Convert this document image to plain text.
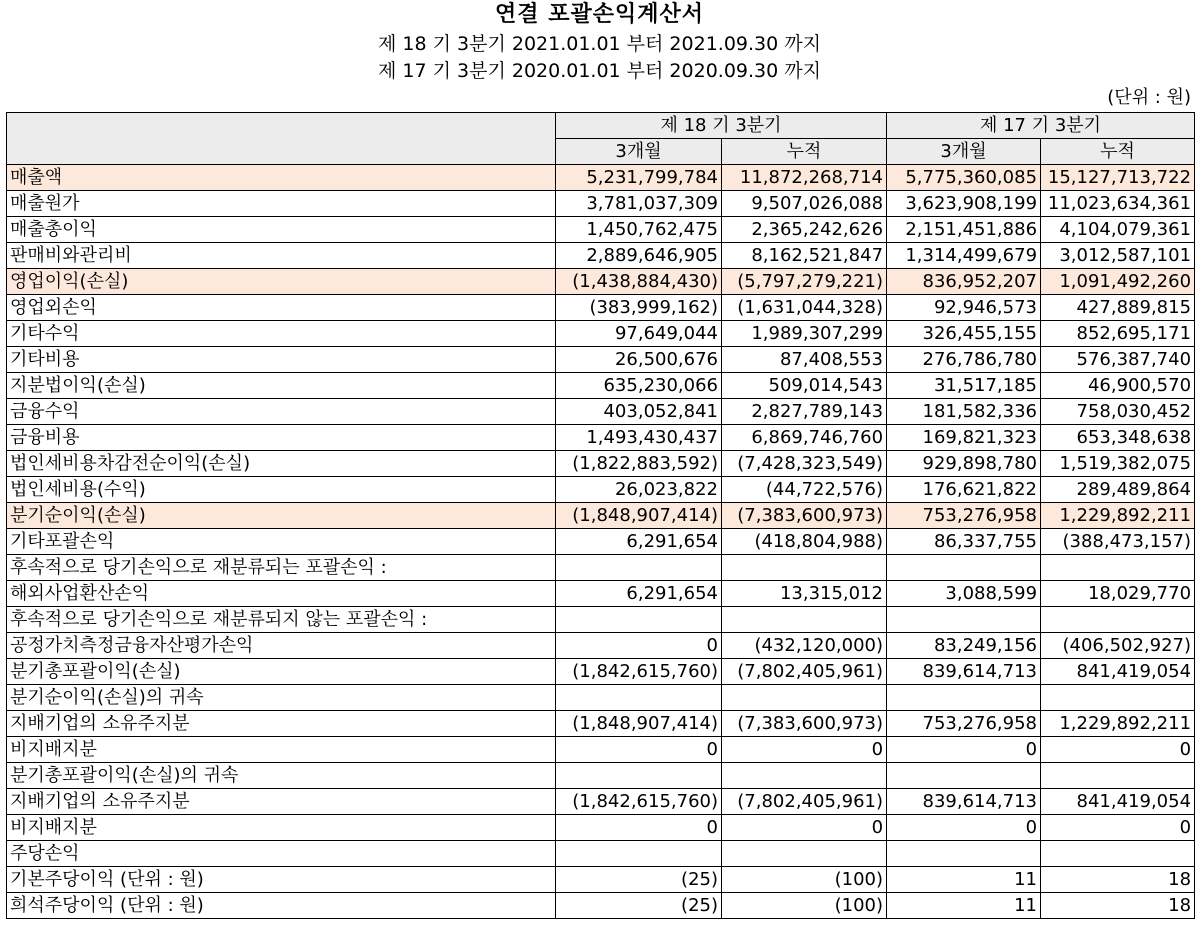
연결 포괄손익계산서
제 18 기 3분기 2021.01.01 부터 2021.09.30 까지
제 17 기 3분기 2020.01.01 부터 2020.09.30 까지
(단위 : 원)
	제 18 기 3분기		제 17 기 3분기	
	3개월	누적	3개월	누적
매출액	5,231,799,784	11,872,268,714	5,775,360,085	15,127,713,722
매출원가	3,781,037,309	9,507,026,088	3,623,908,199	11,023,634,361
매출총이익	1,450,762,475	2,365,242,626	2,151,451,886	4,104,079,361
판매비와관리비	2,889,646,905	8,162,521,847	1,314,499,679	3,012,587,101
영업이익(손실)	(1,438,884,430)	(5,797,279,221)	836,952,207	1,091,492,260
영업외손익	(383,999,162)	(1,631,044,328)	92,946,573	427,889,815
기타수익	97,649,044	1,989,307,299	326,455,155	852,695,171
기타비용	26,500,676	87,408,553	276,786,780	576,387,740
지분법이익(손실)	635,230,066	509,014,543	31,517,185	46,900,570
금융수익	403,052,841	2,827,789,143	181,582,336	758,030,452
금융비용	1,493,430,437	6,869,746,760	169,821,323	653,348,638
법인세비용차감전순이익(손실)	(1,822,883,592)	(7,428,323,549)	929,898,780	1,519,382,075
법인세비용(수익)	26,023,822	(44,722,576)	176,621,822	289,489,864
분기순이익(손실)	(1,848,907,414)	(7,383,600,973)	753,276,958	1,229,892,211
기타포괄손익	6,291,654	(418,804,988)	86,337,755	(388,473,157)
후속적으로 당기손익으로 재분류되는 포괄손익 :				
해외사업환산손익	6,291,654	13,315,012	3,088,599	18,029,770
후속적으로 당기손익으로 재분류되지 않는 포괄손익 :				
공정가치측정금융자산평가손익	0	(432,120,000)	83,249,156	(406,502,927)
분기총포괄이익(손실)	(1,842,615,760)	(7,802,405,961)	839,614,713	841,419,054
분기순이익(손실)의 귀속				
지배기업의 소유주지분	(1,848,907,414)	(7,383,600,973)	753,276,958	1,229,892,211
비지배지분	0	0	0	0
분기총포괄이익(손실)의 귀속				
지배기업의 소유주지분	(1,842,615,760)	(7,802,405,961)	839,614,713	841,419,054
비지배지분	0	0	0	0
주당손익				
기본주당이익 (단위 : 원)	(25)	(100)	11	18
희석주당이익 (단위 : 원)	(25)	(100)	11	18
